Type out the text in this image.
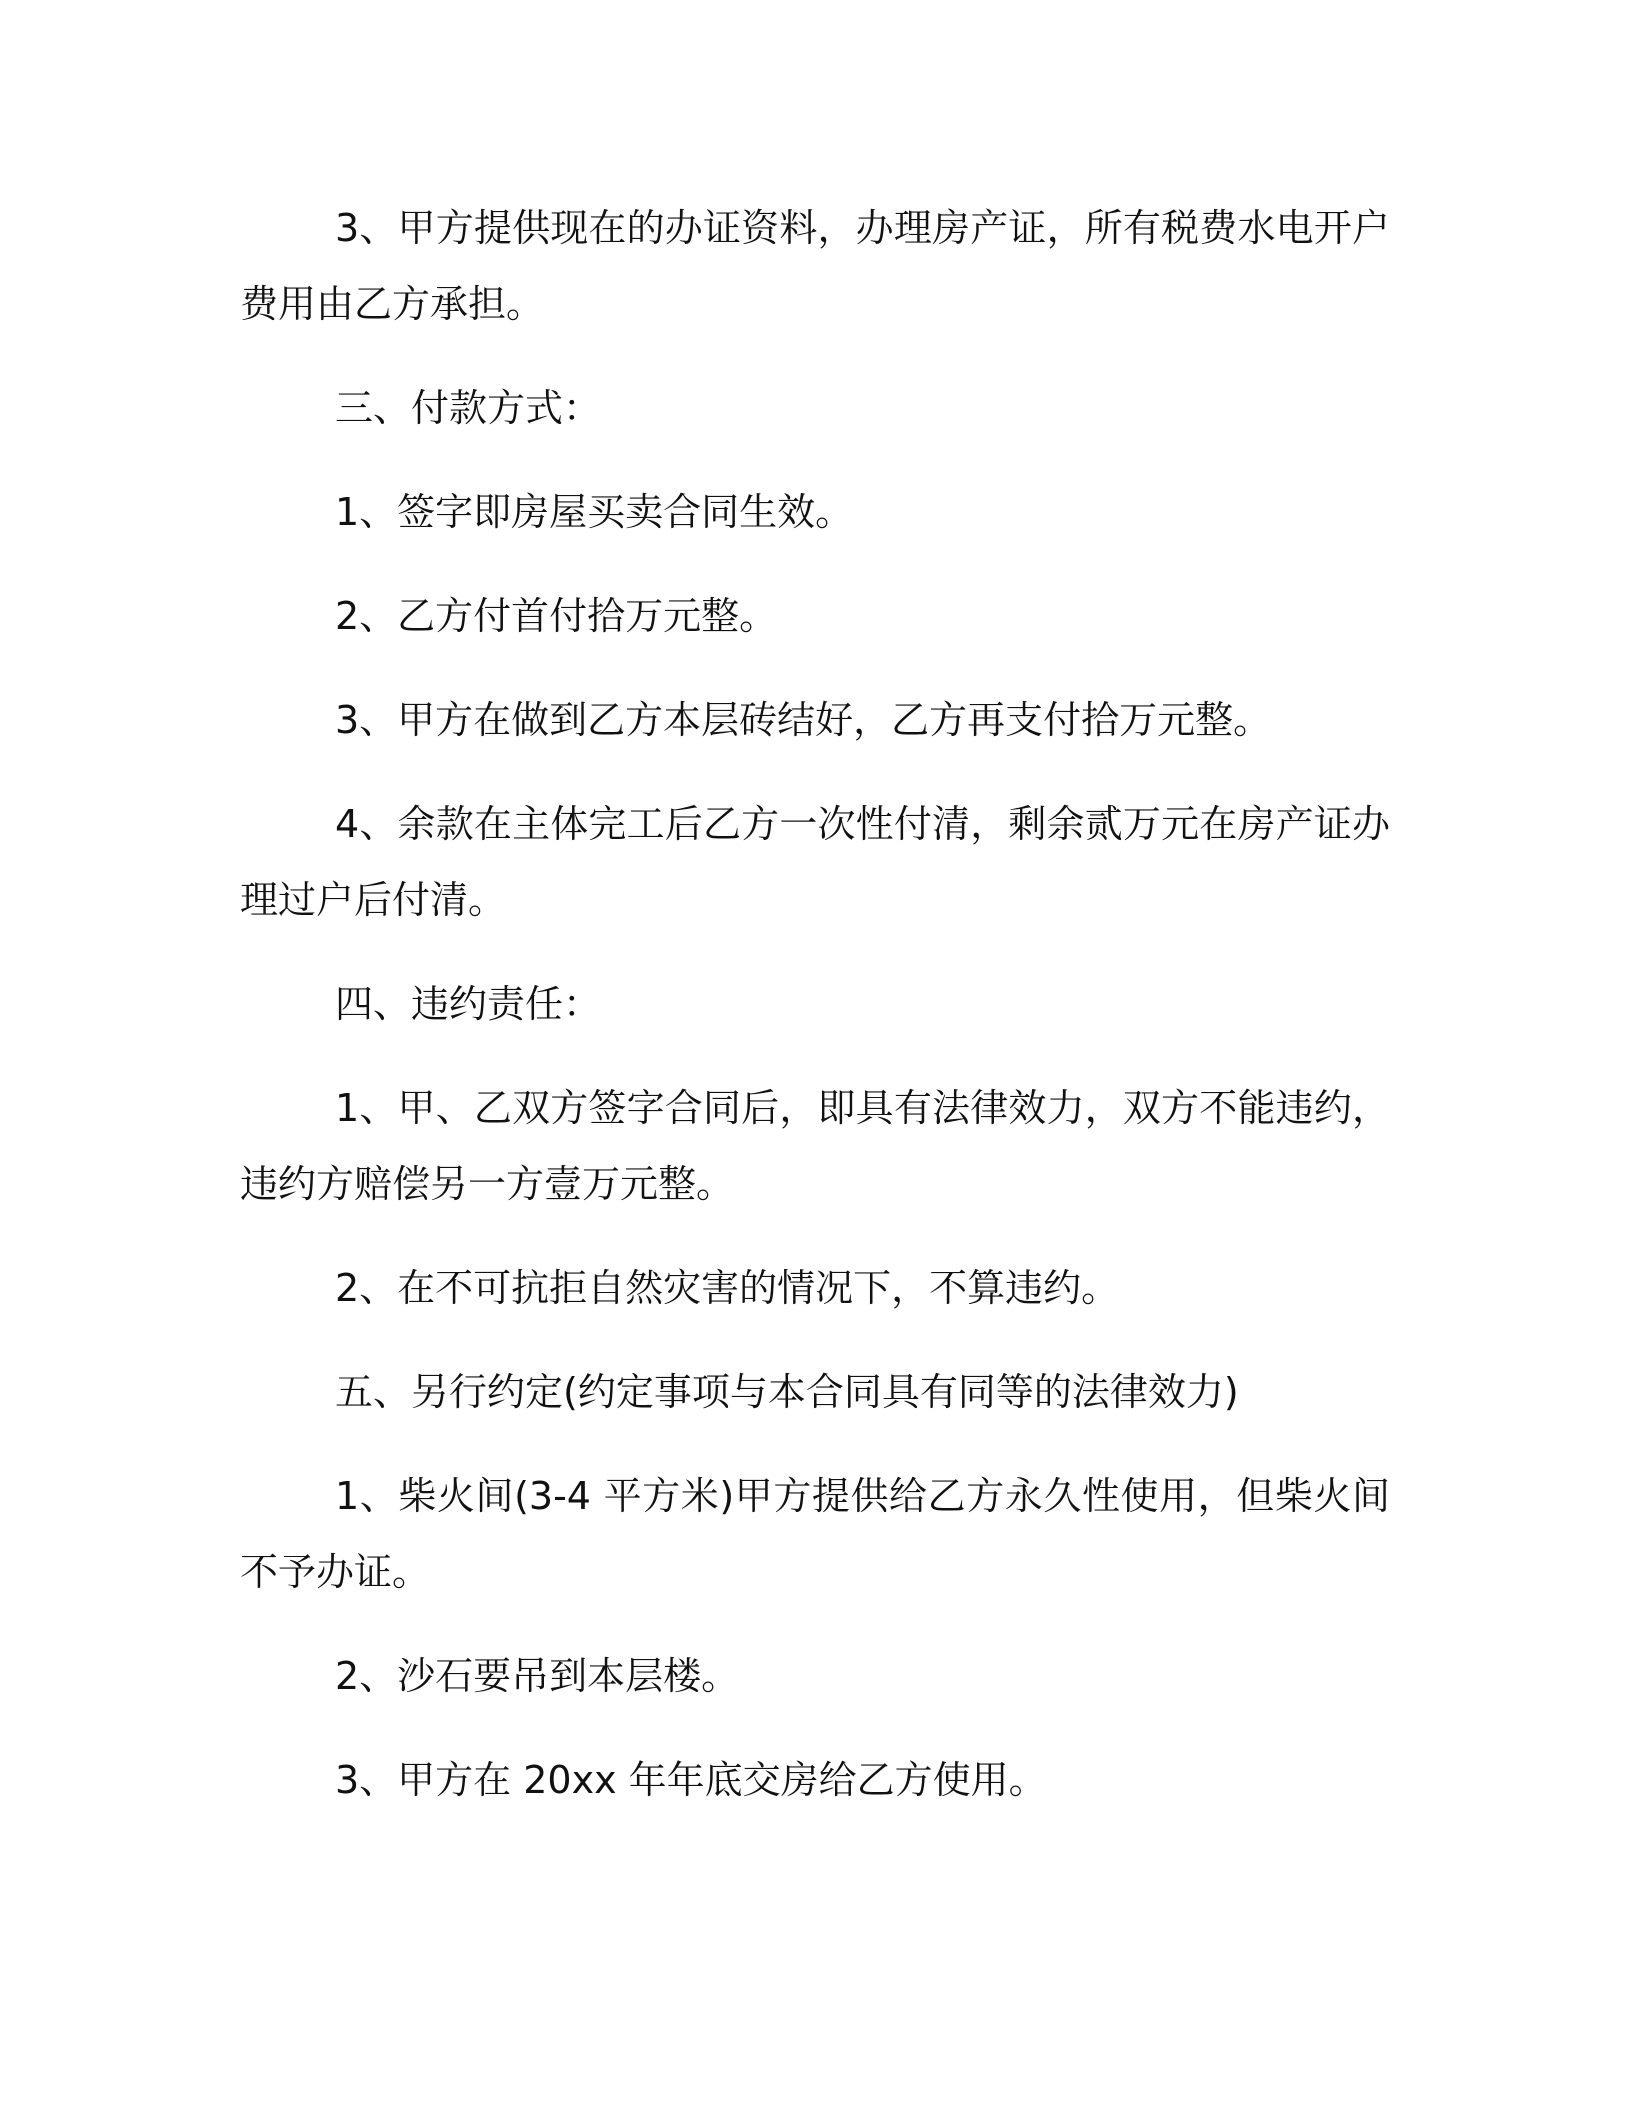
3、甲方提供现在的办证资料，办理房产证，所有税费水电开户费用由乙方承担。

三、付款方式：

1、签字即房屋买卖合同生效。

2、乙方付首付拾万元整。

3、甲方在做到乙方本层砖结好，乙方再支付拾万元整。

4、余款在主体完工后乙方一次性付清，剩余贰万元在房产证办理过户后付清。

四、违约责任：

1、甲、乙双方签字合同后，即具有法律效力，双方不能违约，违约方赔偿另一方壹万元整。

2、在不可抗拒自然灾害的情况下，不算违约。

五、另行约定(约定事项与本合同具有同等的法律效力)

1、柴火间(3-4 平方米)甲方提供给乙方永久性使用，但柴火间不予办证。

2、沙石要吊到本层楼。

3、甲方在 20xx 年年底交房给乙方使用。
